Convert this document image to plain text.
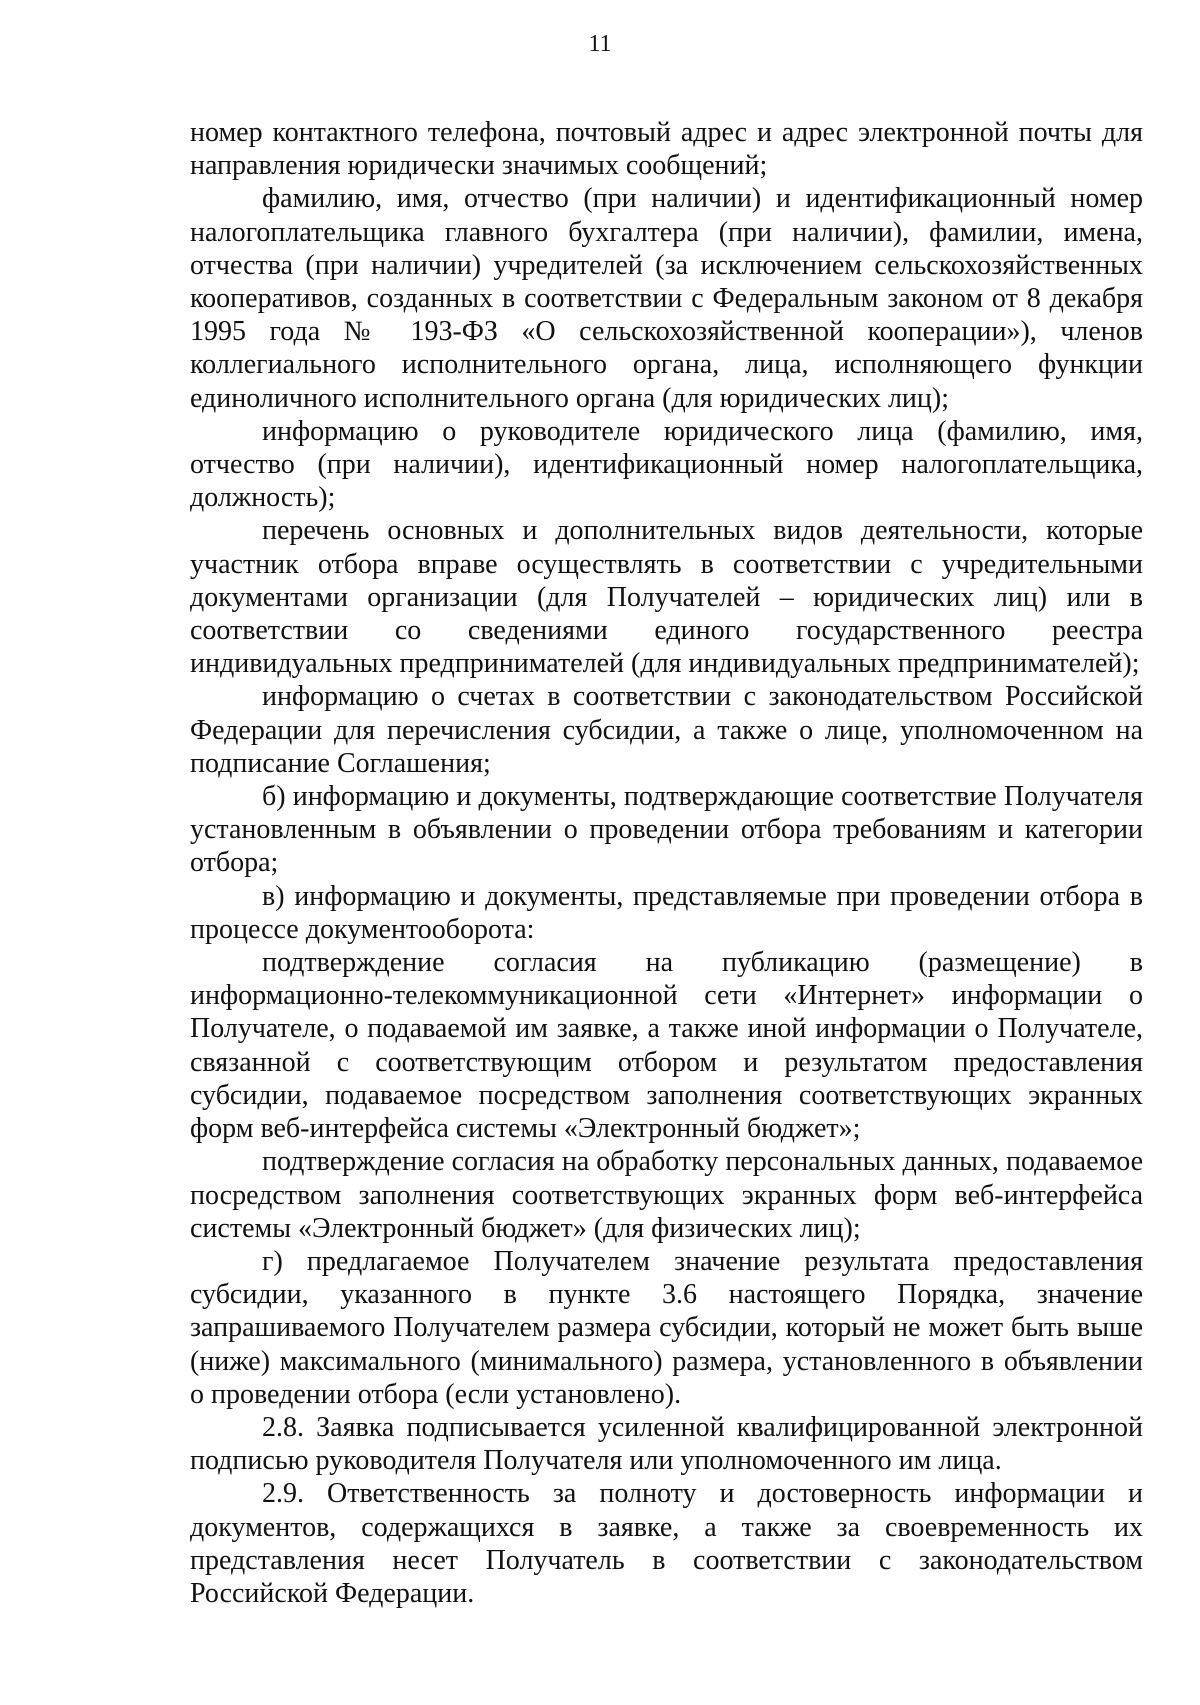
11

номер контактного телефона, почтовый адрес и адрес электронной почты для направления юридически значимых сообщений;

фамилию, имя, отчество (при наличии) и идентификационный номер налогоплательщика главного бухгалтера (при наличии), фамилии, имена, отчества (при наличии) учредителей (за исключением сельскохозяйственных кооперативов, созданных в соответствии с Федеральным законом от 8 декабря 1995 года № 193-ФЗ «О сельскохозяйственной кооперации»), членов коллегиального исполнительного органа, лица, исполняющего функции единоличного исполнительного органа (для юридических лиц);

информацию о руководителе юридического лица (фамилию, имя, отчество (при наличии), идентификационный номер налогоплательщика, должность);

перечень основных и дополнительных видов деятельности, которые участник отбора вправе осуществлять в соответствии с учредительными документами организации (для Получателей – юридических лиц) или в соответствии со сведениями единого государственного реестра индивидуальных предпринимателей (для индивидуальных предпринимателей);

информацию о счетах в соответствии с законодательством Российской Федерации для перечисления субсидии, а также о лице, уполномоченном на подписание Соглашения;

б) информацию и документы, подтверждающие соответствие Получателя установленным в объявлении о проведении отбора требованиям и категории отбора;

в) информацию и документы, представляемые при проведении отбора в процессе документооборота:

подтверждение согласия на публикацию (размещение) в информационно-телекоммуникационной сети «Интернет» информации о Получателе, о подаваемой им заявке, а также иной информации о Получателе, связанной с соответствующим отбором и результатом предоставления субсидии, подаваемое посредством заполнения соответствующих экранных форм веб-интерфейса системы «Электронный бюджет»;

подтверждение согласия на обработку персональных данных, подаваемое посредством заполнения соответствующих экранных форм веб-интерфейса системы «Электронный бюджет» (для физических лиц);

г) предлагаемое Получателем значение результата предоставления субсидии, указанного в пункте 3.6 настоящего Порядка, значение запрашиваемого Получателем размера субсидии, который не может быть выше (ниже) максимального (минимального) размера, установленного в объявлении о проведении отбора (если установлено).

2.8. Заявка подписывается усиленной квалифицированной электронной подписью руководителя Получателя или уполномоченного им лица.

2.9. Ответственность за полноту и достоверность информации и документов, содержащихся в заявке, а также за своевременность их представления несет Получатель в соответствии с законодательством Российской Федерации.
